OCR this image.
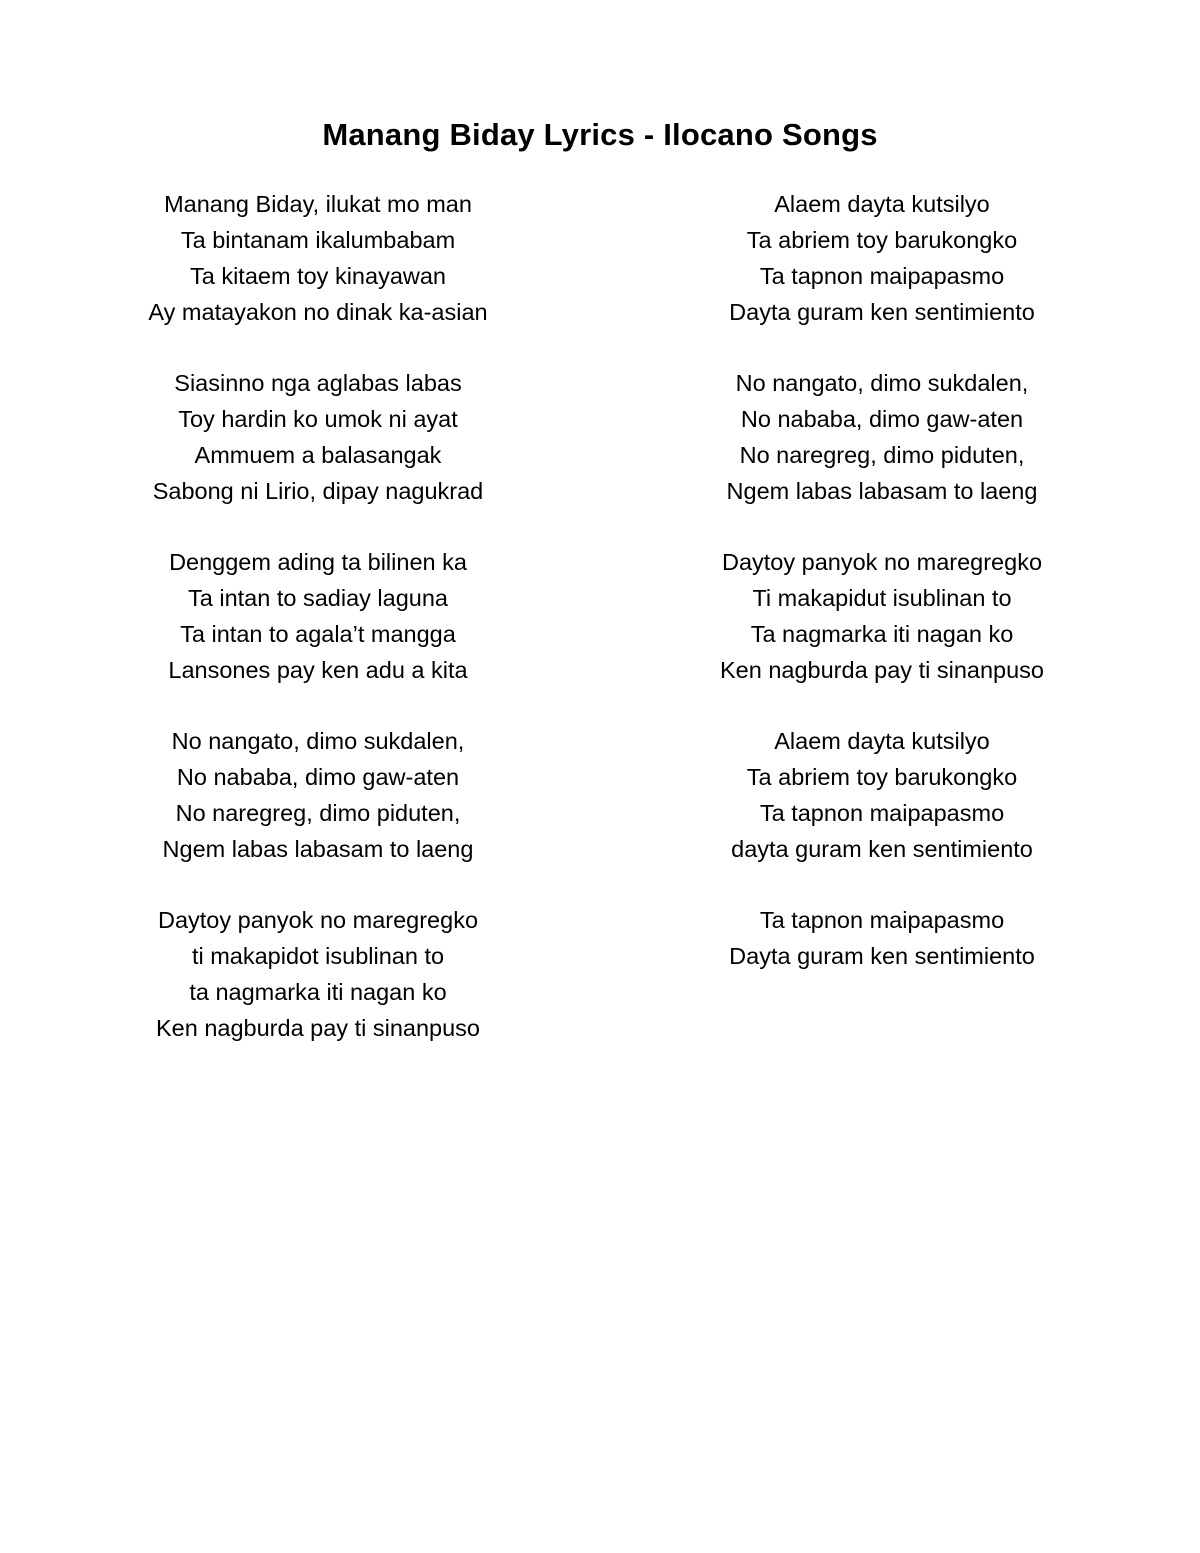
Manang Biday Lyrics - Ilocano Songs
Manang Biday, ilukat mo man
Ta bintanam ikalumbabam
Ta kitaem toy kinayawan
Ay matayakon no dinak ka-asian
Siasinno nga aglabas labas
Toy hardin ko umok ni ayat
Ammuem a balasangak
Sabong ni Lirio, dipay nagukrad
Denggem ading ta bilinen ka
Ta intan to sadiay laguna
Ta intan to agala’t mangga
Lansones pay ken adu a kita
No nangato, dimo sukdalen,
No nababa, dimo gaw-aten
No naregreg, dimo piduten,
Ngem labas labasam to laeng
Daytoy panyok no maregregko
ti makapidot isublinan to
ta nagmarka iti nagan ko
Ken nagburda pay ti sinanpuso
Alaem dayta kutsilyo
Ta abriem toy barukongko
Ta tapnon maipapasmo
Dayta guram ken sentimiento
No nangato, dimo sukdalen,
No nababa, dimo gaw-aten
No naregreg, dimo piduten,
Ngem labas labasam to laeng
Daytoy panyok no maregregko
Ti makapidut isublinan to
Ta nagmarka iti nagan ko
Ken nagburda pay ti sinanpuso
Alaem dayta kutsilyo
Ta abriem toy barukongko
Ta tapnon maipapasmo
dayta guram ken sentimiento
Ta tapnon maipapasmo
Dayta guram ken sentimiento
